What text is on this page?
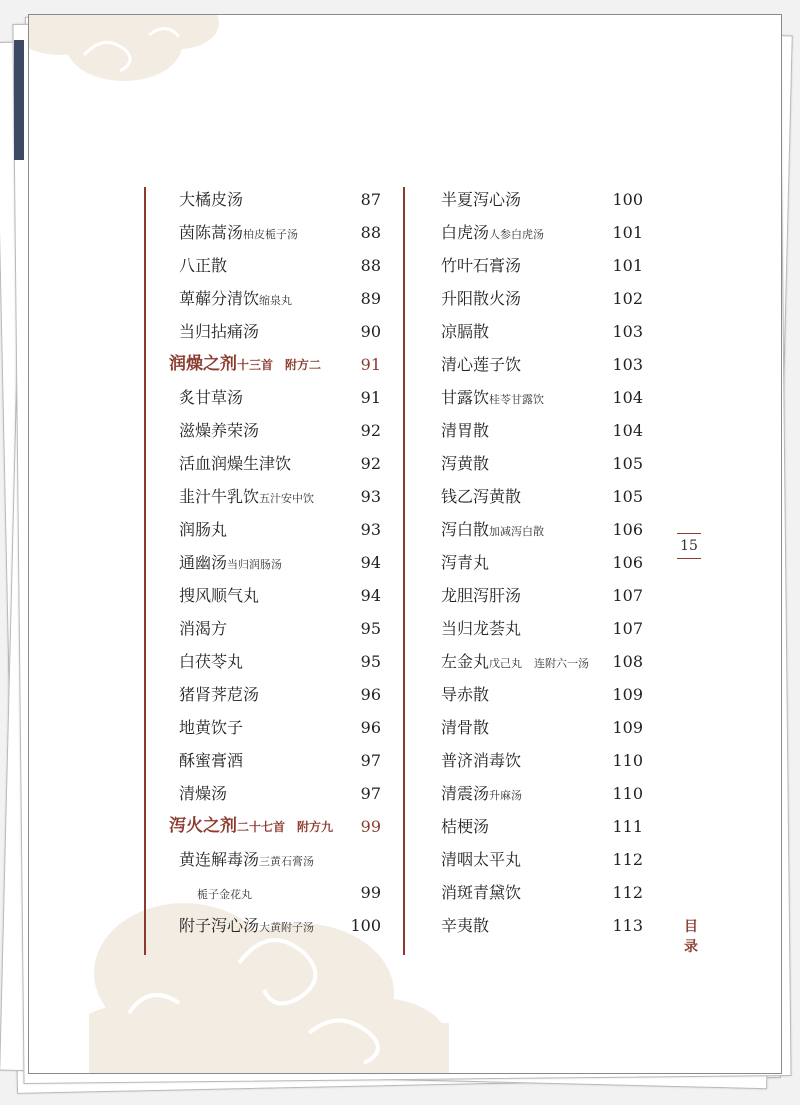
大橘皮汤	87
茵陈蒿汤柏皮栀子汤	88
八正散	88
萆薢分清饮缩泉丸	89
当归拈痛汤	90
润燥之剂十三首 附方二 91
炙甘草汤	91
滋燥养荣汤	92
活血润燥生津饮	92
韭汁牛乳饮五汁安中饮	93
润肠丸	93
通幽汤当归润肠汤	94
搜风顺气丸	94
消渴方	95
白茯苓丸	95
猪肾荠苨汤	96
地黄饮子	96
酥蜜膏酒	97
清燥汤	97
泻火之剂二十七首 附方九 99
黄连解毒汤三黄石膏汤
栀子金花丸	99
附子泻心汤大黄附子汤 100
半夏泻心汤	100
白虎汤人参白虎汤	101
竹叶石膏汤	101
升阳散火汤	102
凉膈散	103
清心莲子饮	103
甘露饮桂苓甘露饮	104
清胃散	104
泻黄散	105
钱乙泻黄散	105
泻白散加减泻白散	106
泻青丸	106
龙胆泻肝汤	107
当归龙荟丸	107
左金丸戊己丸 连附六一汤 108
导赤散	109
清骨散	109
普济消毒饮	110
清震汤升麻汤	110
桔梗汤	111
清咽太平丸	112
消斑青黛饮	112
辛夷散	113
15
目
录
